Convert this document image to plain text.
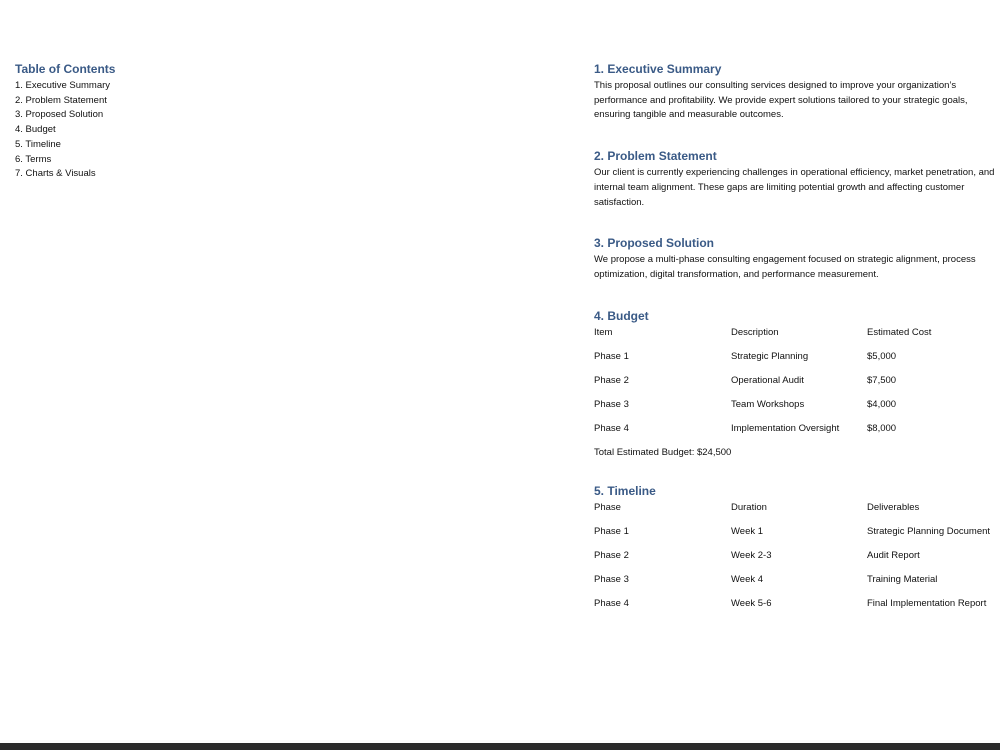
Table of Contents
1. Executive Summary
2. Problem Statement
3. Proposed Solution
4. Budget
5. Timeline
6. Terms
7. Charts & Visuals
1. Executive Summary

This proposal outlines our consulting services designed to improve your organization’s
performance and profitability. We provide expert solutions tailored to your strategic goals,
ensuring tangible and measurable outcomes.

2. Problem Statement

Our client is currently experiencing challenges in operational efficiency, market penetration, and
internal team alignment. These gaps are limiting potential growth and affecting customer
satisfaction.

3. Proposed Solution

We propose a multi-phase consulting engagement focused on strategic alignment, process
optimization, digital transformation, and performance measurement.

4. Budget
Item	Description	Estimated Cost
Phase 1	Strategic Planning	$5,000
Phase 2	Operational Audit	$7,500
Phase 3	Team Workshops	$4,000
Phase 4	Implementation Oversight	$8,000
Total Estimated Budget: $24,500
5. Timeline
Phase	Duration	Deliverables
Phase 1	Week 1	Strategic Planning Document
Phase 2	Week 2-3	Audit Report
Phase 3	Week 4	Training Material
Phase 4	Week 5-6	Final Implementation Report
